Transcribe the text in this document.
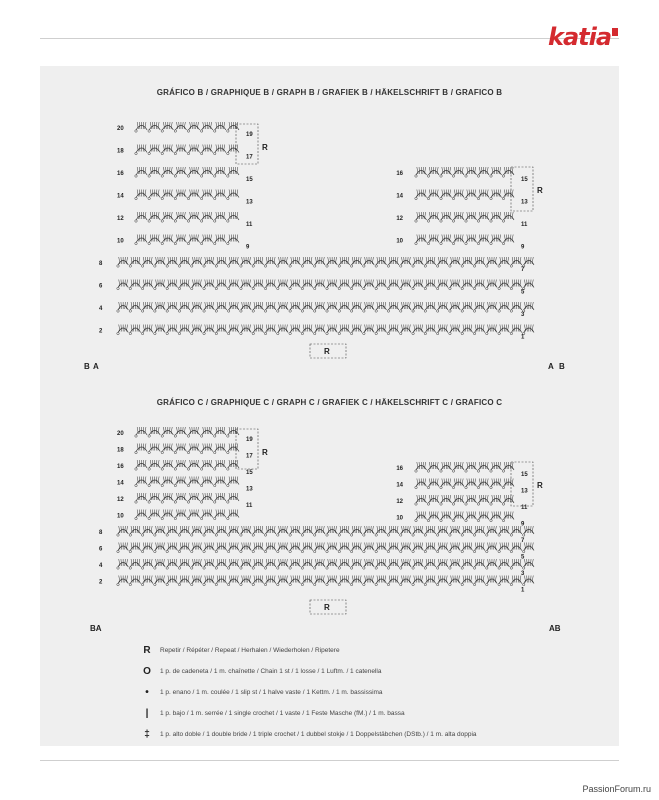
katia
GRÁFICO B / GRAPHIQUE B / GRAPH B / GRAFIEK B / HÄKELSCHRIFT B / GRAFICO B
GRÁFICO C / GRAPHIQUE C / GRAPH C / GRAFIEK C / HÄKELSCHRIFT C / GRAFICO C
20
18
16
14
12
10
8
6
4
2
16
14
12
10
19
17
15
13
11
9
15
13
11
9
7
5
3
1
R
R
R
20
18
16
14
12
10
8
6
4
2
16
14
12
10
19
17
15
13
11
15
13
11
9
7
5
3
1
R
R
R
B A	A B
BA	AB
R	Repetir / Répéter / Repeat / Herhalen / Wiederholen / Ripetere
O	1 p. de cadeneta / 1 m. chaînette / Chain 1 st / 1 losse / 1 Luftm. / 1 catenella
•	1 p. enano / 1 m. coulée / 1 slip st / 1 halve vaste / 1 Kettm. / 1 m. bassissima
|	1 p. bajo / 1 m. serrée / 1 single crochet / 1 vaste / 1 Feste Masche (fM.) / 1 m. bassa
‡	1 p. alto doble / 1 double bride / 1 triple crochet / 1 dubbel stokje / 1 Doppelstäbchen (DStb.) / 1 m. alta doppia
PassionForum.ru
